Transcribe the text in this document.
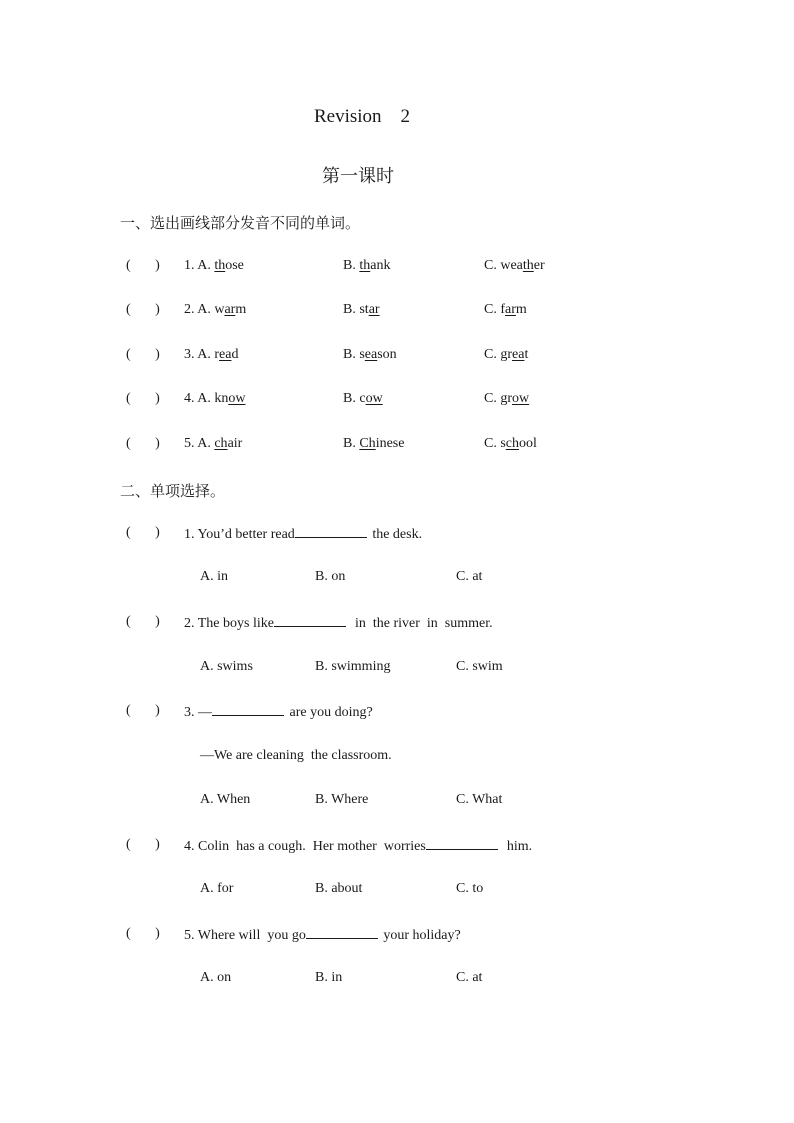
Revision    2
第一课时
一、选出画线部分发音不同的单词。
(       ) 1. A. those	B. thank	C. weather
(       ) 2. A. warm	B. star	C. farm
(       ) 3. A. read	B. season	C. great
(       ) 4. A. know	B. cow	C. grow
(       ) 5. A. chair	B. Chinese	C. school
二、单项选择。
(       ) 1. You’d better read	the desk.
A. in	B. on	C. at
(       ) 2. The boys like	in  the river  in  summer.
A. swims	B. swimming	C. swim
(       ) 3. —	are you doing?
—We are cleaning  the classroom.
A. When	B. Where	C. What
(       ) 4. Colin  has a cough.  Her mother  worries	him.
A. for	B. about	C. to
(       ) 5. Where will  you go	your holiday?
A. on	B. in	C. at
